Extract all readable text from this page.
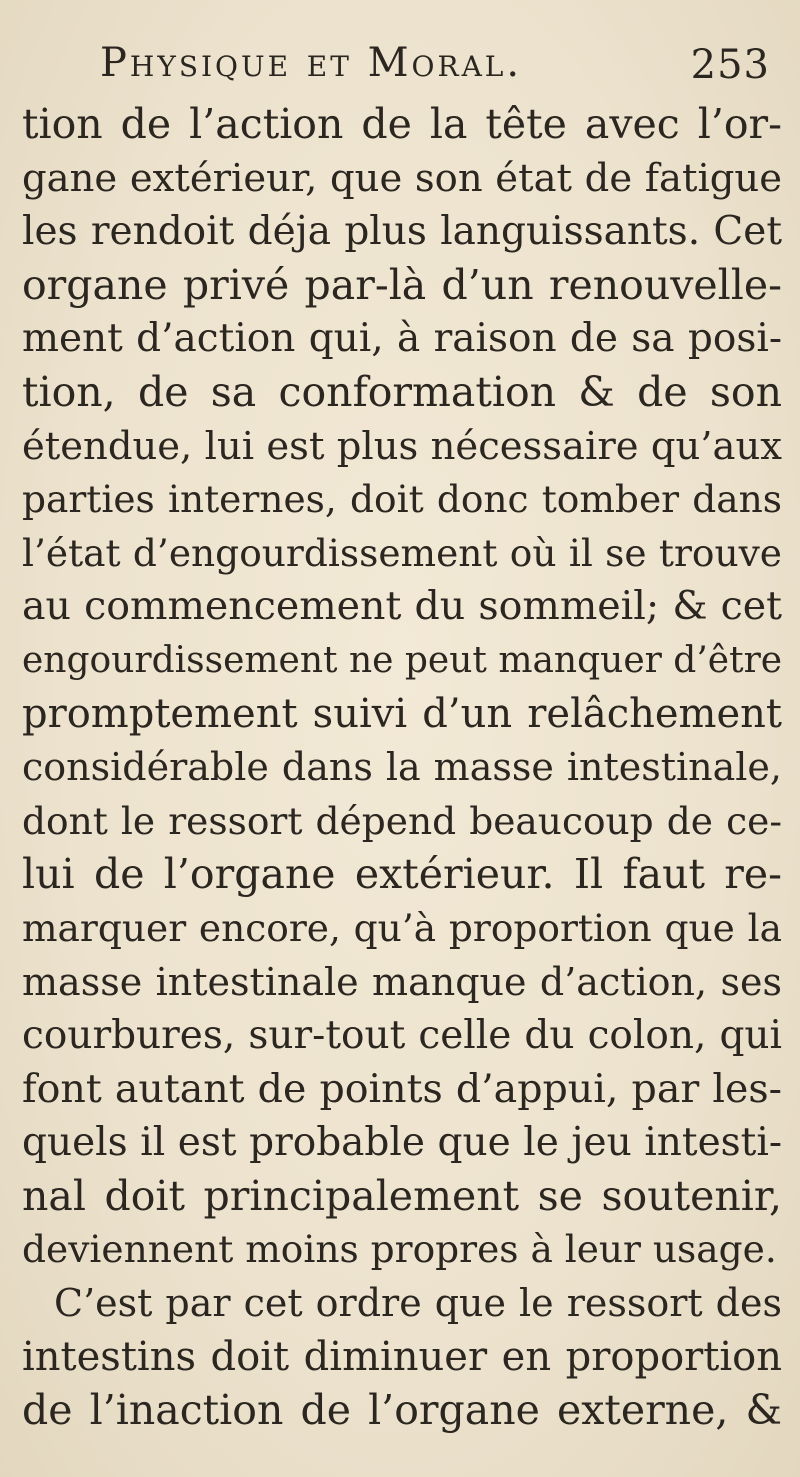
Physique et Moral.	253
tion de l’action de la tête avec l’or-
gane extérieur, que son état de fatigue
les rendoit déja plus languissants. Cet
organe privé par-là d’un renouvelle-
ment d’action qui, à raison de sa posi-
tion, de sa conformation & de son
étendue, lui est plus nécessaire qu’aux
parties internes, doit donc tomber dans
l’état d’engourdissement où il se trouve
au commencement du sommeil; & cet
engourdissement ne peut manquer d’être
promptement suivi d’un relâchement
considérable dans la masse intestinale,
dont le ressort dépend beaucoup de ce-
lui de l’organe extérieur. Il faut re-
marquer encore, qu’à proportion que la
masse intestinale manque d’action, ses
courbures, sur-tout celle du colon, qui
font autant de points d’appui, par les-
quels il est probable que le jeu intesti-
nal doit principalement se soutenir,
deviennent moins propres à leur usage.
C’est par cet ordre que le ressort des
intestins doit diminuer en proportion
de l’inaction de l’organe externe, &
